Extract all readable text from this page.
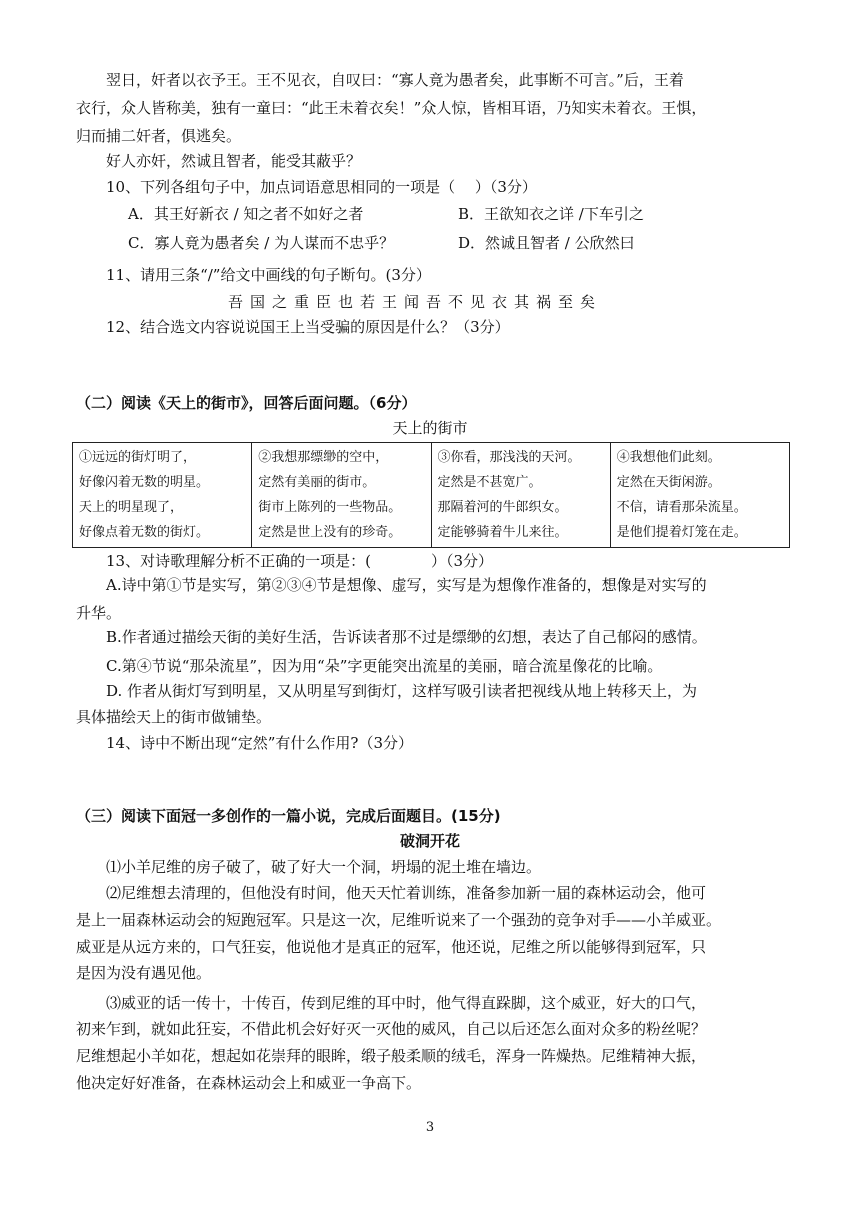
翌日，奸者以衣予王。王不见衣，自叹曰：“寡人竟为愚者矣，此事断不可言。”后，王着
衣行，众人皆称美，独有一童曰：“此王未着衣矣！”众人惊，皆相耳语，乃知实未着衣。王惧，
归而捕二奸者，俱逃矣。
好人亦奸，然诚且智者，能受其蔽乎？
10、下列各组句子中，加点词语意思相同的一项是（　 ）（3分）
A．其王好新衣 / 知之者不如好之者	B．王欲知衣之详 /下车引之
C．寡人竟为愚者矣 / 为人谋而不忠乎？	D．然诚且智者 / 公欣然曰
11、请用三条“/”给文中画线的句子断句。(3分）
吾国之重臣也若王闻吾不见衣其祸至矣
12、结合选文内容说说国王上当受骗的原因是什么？（3分）
（二）阅读《天上的街市》，回答后面问题。（6分）
天上的街市
①远远的街灯明了，
好像闪着无数的明星。
天上的明星现了，
好像点着无数的街灯。

②我想那缥缈的空中，
定然有美丽的街市。
街市上陈列的一些物品。
定然是世上没有的珍奇。

③你看，那浅浅的天河。
定然是不甚宽广。
那隔着河的牛郎织女。
定能够骑着牛儿来往。

④我想他们此刻。
定然在天街闲游。
不信，请看那朵流星。
是他们提着灯笼在走。
13、对诗歌理解分析不正确的一项是：(　　　　）（3分）
A.诗中第①节是实写，第②③④节是想像、虚写，实写是为想像作准备的，想像是对实写的
升华。
B.作者通过描绘天街的美好生活，告诉读者那不过是缥缈的幻想，表达了自己郁闷的感情。
C.第④节说“那朵流星”，因为用“朵”字更能突出流星的美丽，暗合流星像花的比喻。
D. 作者从街灯写到明星，又从明星写到街灯，这样写吸引读者把视线从地上转移天上，为
具体描绘天上的街市做铺垫。
14、诗中不断出现“定然”有什么作用?（3分）
（三）阅读下面冠一多创作的一篇小说，完成后面题目。(15分)
破洞开花
⑴小羊尼维的房子破了，破了好大一个洞，坍塌的泥土堆在墙边。
⑵尼维想去清理的，但他没有时间，他天天忙着训练，准备参加新一届的森林运动会，他可
是上一届森林运动会的短跑冠军。只是这一次，尼维听说来了一个强劲的竞争对手——小羊威亚。
威亚是从远方来的，口气狂妄，他说他才是真正的冠军，他还说，尼维之所以能够得到冠军，只
是因为没有遇见他。
⑶威亚的话一传十，十传百，传到尼维的耳中时，他气得直跺脚，这个威亚，好大的口气，
初来乍到，就如此狂妄，不借此机会好好灭一灭他的威风，自己以后还怎么面对众多的粉丝呢？
尼维想起小羊如花，想起如花崇拜的眼眸，缎子般柔顺的绒毛，浑身一阵燥热。尼维精神大振，
他决定好好准备，在森林运动会上和威亚一争高下。
3
